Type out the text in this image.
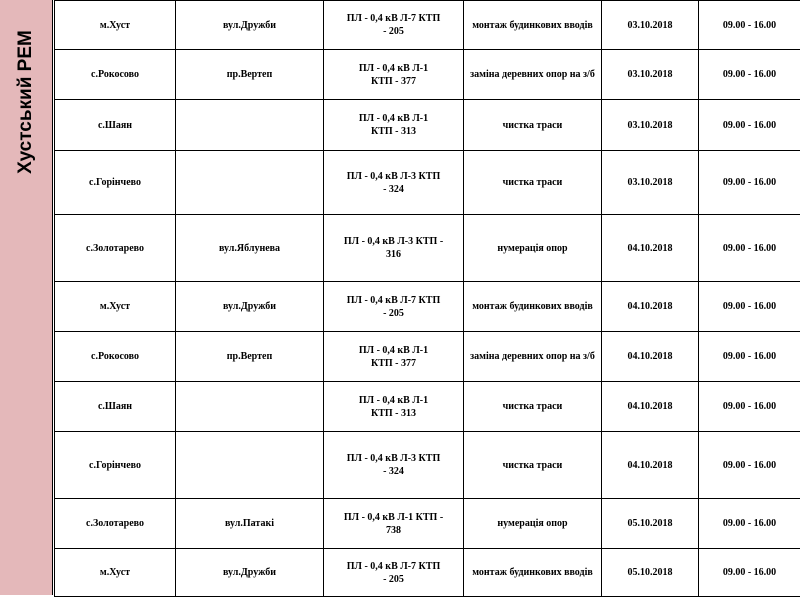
Хустський РЕМ
м.Хуст	вул.Дружби	ПЛ - 0,4 кВ Л-7 КТП
- 205	монтаж будинкових вводів	03.10.2018	09.00 - 16.00
с.Рокосово	пр.Вертеп	ПЛ - 0,4 кВ Л-1
КТП - 377	заміна деревних опор на з/б	03.10.2018	09.00 - 16.00
с.Шаян		ПЛ - 0,4 кВ Л-1
КТП - 313	чистка траси	03.10.2018	09.00 - 16.00
с.Горінчево		ПЛ - 0,4 кВ Л-3 КТП
- 324	чистка траси	03.10.2018	09.00 - 16.00
с.Золотарево	вул.Яблунева	ПЛ - 0,4 кВ Л-3 КТП -
316	нумерація опор	04.10.2018	09.00 - 16.00
м.Хуст	вул.Дружби	ПЛ - 0,4 кВ Л-7 КТП
- 205	монтаж будинкових вводів	04.10.2018	09.00 - 16.00
с.Рокосово	пр.Вертеп	ПЛ - 0,4 кВ Л-1
КТП - 377	заміна деревних опор на з/б	04.10.2018	09.00 - 16.00
с.Шаян		ПЛ - 0,4 кВ Л-1
КТП - 313	чистка траси	04.10.2018	09.00 - 16.00
с.Горінчево		ПЛ - 0,4 кВ Л-3 КТП
- 324	чистка траси	04.10.2018	09.00 - 16.00
с.Золотарево	вул.Патакі	ПЛ - 0,4 кВ Л-1 КТП -
738	нумерація опор	05.10.2018	09.00 - 16.00
м.Хуст	вул.Дружби	ПЛ - 0,4 кВ Л-7 КТП
- 205	монтаж будинкових вводів	05.10.2018	09.00 - 16.00
